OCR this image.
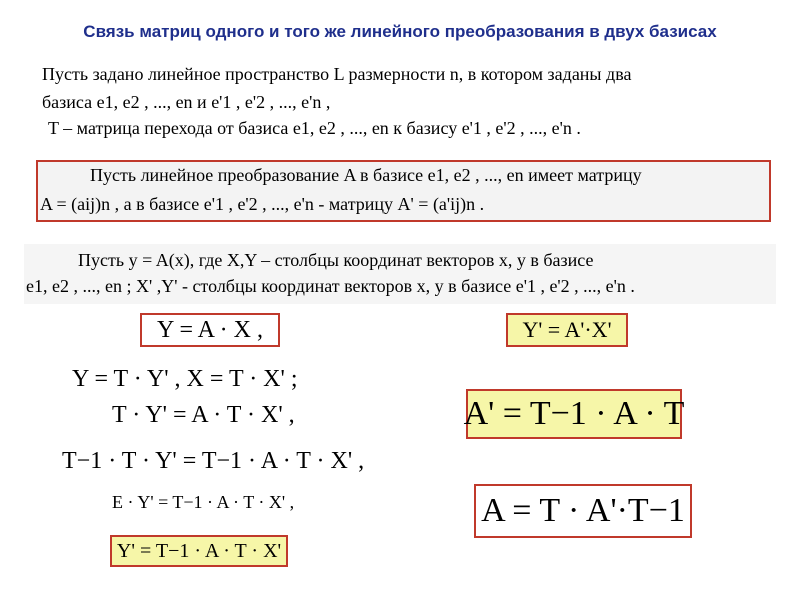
Связь матриц одного и того же линейного преобразования в двух базисах
Пусть задано линейное пространство L размерности n, в котором заданы два
базиса e1, e2 , ..., en и e'1 , e'2 , ..., e'n ,
T – матрица перехода от базиса e1, e2 , ..., en к базису e'1 , e'2 , ..., e'n .
Пусть линейное преобразование A в базисе e1, e2 , ..., en имеет матрицу
A = (aij)n , а в базисе e'1 , e'2 , ..., e'n - матрицу A' = (a'ij)n .
Пусть y = A(x), где X,Y – столбцы координат векторов x, y в базисе
e1, e2 , ..., en ; X' ,Y' - столбцы координат векторов x, y в базисе e'1 , e'2 , ..., e'n .
Y = A · X ,	Y' = A'·X'
Y = T · Y' , X = T · X' ;
T · Y' = A · T · X' ,
T−1 · T · Y' = T−1 · A · T · X' ,
E · Y' = T−1 · A · T · X' ,
A' = T−1 · A · T
A = T · A'·T−1
Y' = T−1 · A · T · X'
